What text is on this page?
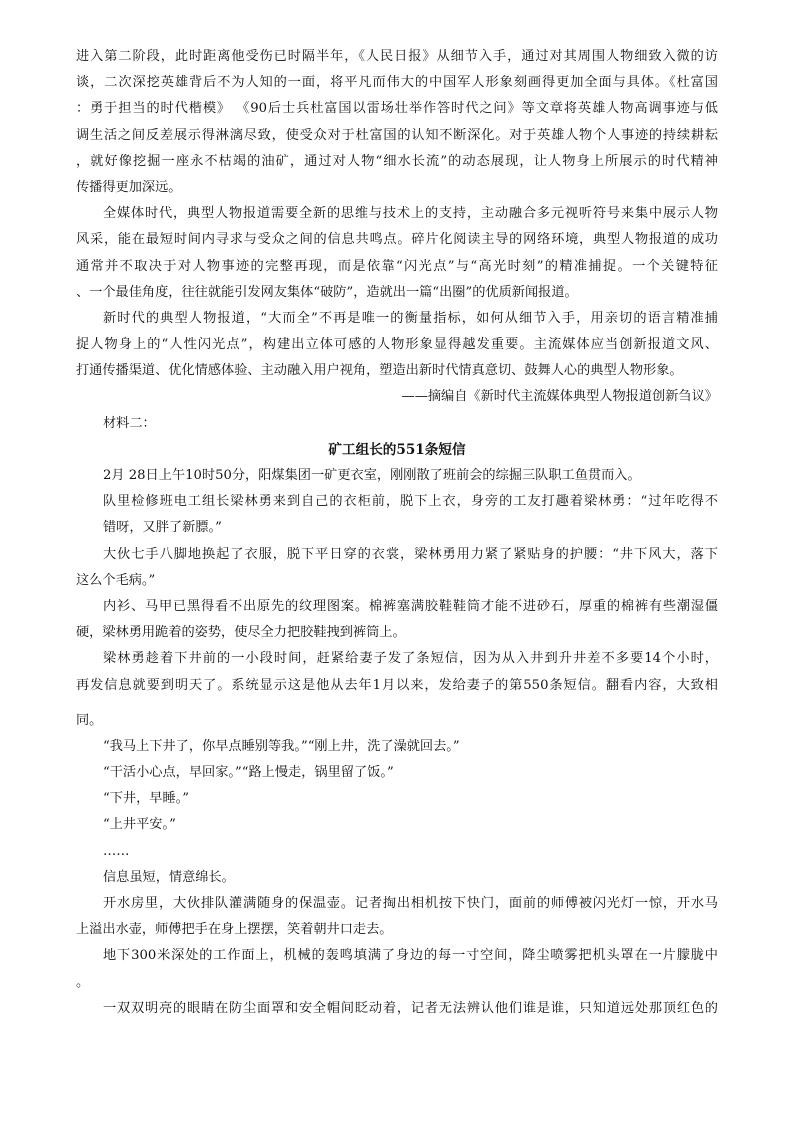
进入第二阶段，此时距离他受伤已时隔半年，《人民日报》从细节入手，通过对其周围人物细致入微的访
谈，二次深挖英雄背后不为人知的一面，将平凡而伟大的中国军人形象刻画得更加全面与具体。《杜富国
：勇于担当的时代楷模》 《90后士兵杜富国以雷场壮举作答时代之问》等文章将英雄人物高调事迹与低
调生活之间反差展示得淋漓尽致，使受众对于杜富国的认知不断深化。对于英雄人物个人事迹的持续耕耘
，就好像挖掘一座永不枯竭的油矿，通过对人物“细水长流”的动态展现，让人物身上所展示的时代精神
传播得更加深远。
全媒体时代，典型人物报道需要全新的思维与技术上的支持，主动融合多元视听符号来集中展示人物
风采，能在最短时间内寻求与受众之间的信息共鸣点。碎片化阅读主导的网络环境，典型人物报道的成功
通常并不取决于对人物事迹的完整再现，而是依靠“闪光点”与“高光时刻”的精准捕捉。一个关键特征
、一个最佳角度，往往就能引发网友集体“破防”，造就出一篇“出圈”的优质新闻报道。
新时代的典型人物报道，“大而全”不再是唯一的衡量指标，如何从细节入手，用亲切的语言精准捕
捉人物身上的“人性闪光点”，构建出立体可感的人物形象显得越发重要。主流媒体应当创新报道文风、
打通传播渠道、优化情感体验、主动融入用户视角，塑造出新时代情真意切、鼓舞人心的典型人物形象。
——摘编自《新时代主流媒体典型人物报道创新刍议》
材料二：
矿工组长的551条短信
2月 28日上午10时50分，阳煤集团一矿更衣室，刚刚散了班前会的综掘三队职工鱼贯而入。
队里检修班电工组长梁林勇来到自己的衣柜前，脱下上衣，身旁的工友打趣着梁林勇：“过年吃得不
错呀，又胖了新膘。”
大伙七手八脚地换起了衣服，脱下平日穿的衣裳，梁林勇用力紧了紧贴身的护腰：“井下风大，落下
这么个毛病。”
内衫、马甲已黑得看不出原先的纹理图案。棉裤塞满胶鞋鞋筒才能不进砂石，厚重的棉裤有些潮湿僵
硬，梁林勇用跪着的姿势，使尽全力把胶鞋拽到裤筒上。
梁林勇趁着下井前的一小段时间，赶紧给妻子发了条短信，因为从入井到升井差不多要14个小时，
再发信息就要到明天了。系统显示这是他从去年1月以来，发给妻子的第550条短信。翻看内容，大致相
同。
“我马上下井了，你早点睡别等我。”“刚上井，洗了澡就回去。”
“干活小心点，早回家。”“路上慢走，锅里留了饭。”
“下井，早睡。”
“上井平安。”
……
信息虽短，情意绵长。
开水房里，大伙排队灌满随身的保温壶。记者掏出相机按下快门，面前的师傅被闪光灯一惊，开水马
上溢出水壶，师傅把手在身上摆摆，笑着朝井口走去。
地下300米深处的工作面上，机械的轰鸣填满了身边的每一寸空间，降尘喷雾把机头罩在一片朦胧中
。
一双双明亮的眼睛在防尘面罩和安全帽间眨动着，记者无法辨认他们谁是谁，只知道远处那顶红色的
